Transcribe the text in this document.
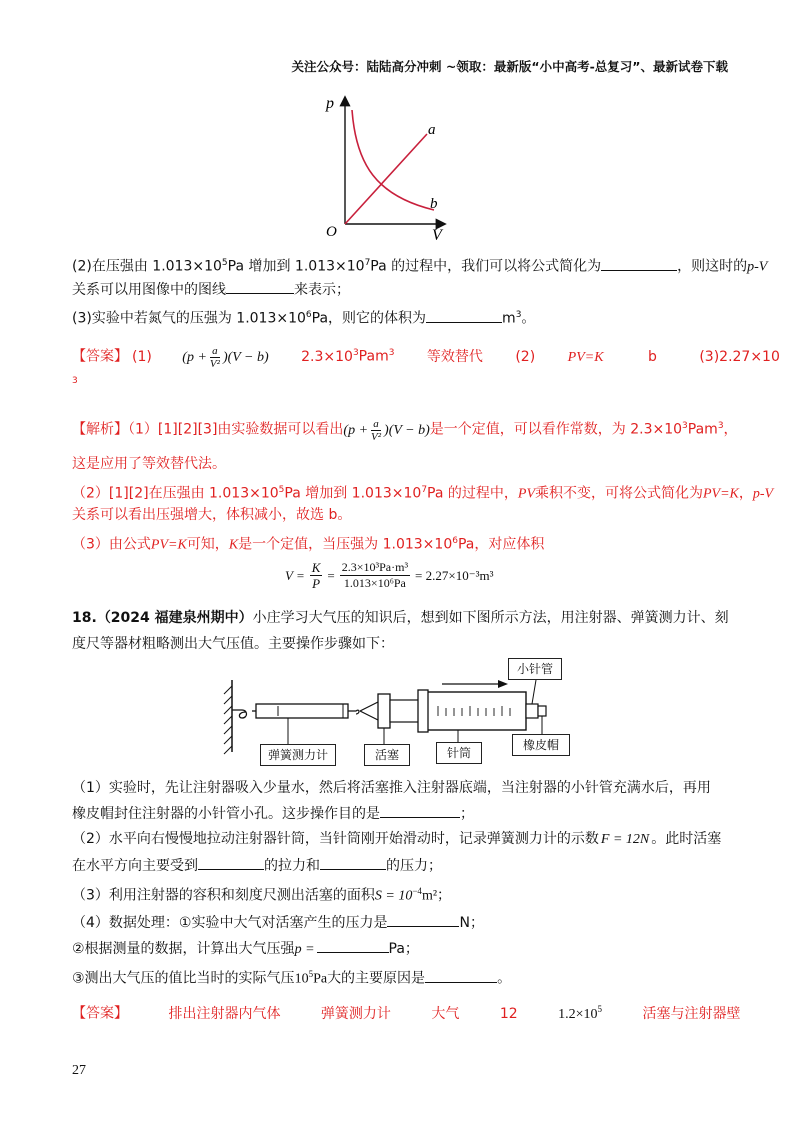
关注公众号：陆陆高分冲刺 ~领取：最新版“小中高考-总复习”、最新试卷下载
p
V
O
a
b
(2)在压强由 $1.013\times 10^5Pa$ 增加到 $1.013\times 10^7Pa$ 的过程中，我们可以将公式简化为	，则这时的p-V
关系可以用图像中的图线	来表示；
(3)实验中若氮气的压强为 $1.013\times 10^6Pa$，则它的体积为	$m^3$。
【答案】 (1) $(p + \frac{a}{\text{V²}} )(V - b)$ $2.3\times 10^3Pam^3$ 等效替代 (2) PV=K	b	(3)2.27×10
3
【解析】（1）[1][2][3]由实验数据可以看出$(p + \frac{a}{\text{V²}} )(V - b)$是一个定值，可以看作常数，为 $2.3\times 10^3Pam^3$，
这是应用了等效替代法。
（2）[1][2]在压强由 $1.013\times 10^5Pa$ 增加到 $1.013\times 10^7Pa$ 的过程中，PV乘积不变，可将公式简化为PV=K，p-V
关系可以看出压强增大，体积减小，故选 b。
（3）由公式PV=K可知，K是一个定值，当压强为 $1.013\times 10^6Pa$，对应体积
$V = \frac{K}{P} = \frac{\text{2.3×10³Pa·m³}}{\text{1.013×10⁶Pa}} = 2.27\times 10^{-3}m^3$
18.（2024 福建泉州期中）小庄学习大气压的知识后，想到如下图所示方法，用注射器、弹簧测力计、刻
度尺等器材粗略测出大气压值。主要操作步骤如下：
小针管
橡皮帽
弹簧测力计	活塞	针筒
（1）实验时，先让注射器吸入少量水，然后将活塞推入注射器底端，当注射器的小针管充满水后，再用
橡皮帽封住注射器的小针管小孔。这步操作目的是	；
（2）水平向右慢慢地拉动注射器针筒，当针筒刚开始滑动时，记录弹簧测力计的示数 F = 12N 。此时活塞
在水平方向主要受到	的拉力和	的压力；
（3）利用注射器的容积和刻度尺测出活塞的面积$S = 10^{-4}m^2$；
（4）数据处理：①实验中大气对活塞产生的压力是	N；
②根据测量的数据，计算出大气压强p =	Pa；
③测出大气压的值比当时的实际气压$10^5Pa$大的主要原因是	。
【答案】	排出注射器内气体	弹簧测力计	大气	12	$1.2\times 10^5$	活塞与注射器壁
27
